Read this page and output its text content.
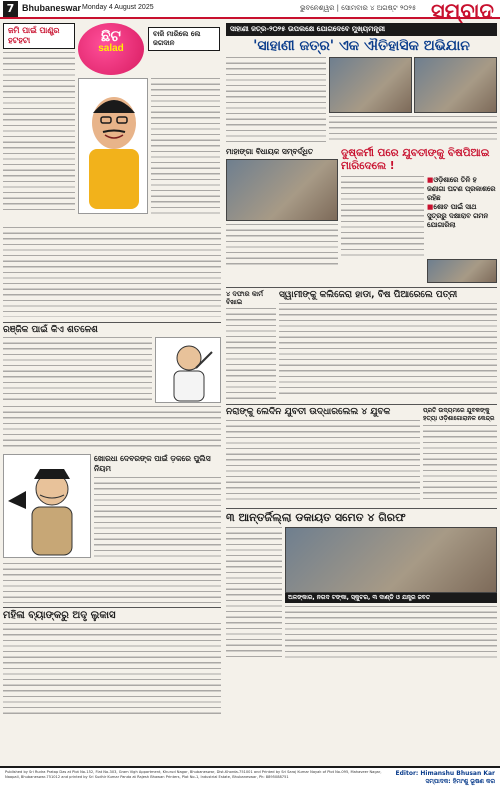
7 Bhubaneswar Monday 4 August 2025	ଭୁବନେଶ୍ୱର | ସୋମବାର ୪ ଅଗଷ୍ଟ ୨୦୨୫ ସମ୍ବାଦ
ଜମି ପାଇଁ ପାଣ୍ଡ୍ର ହଟହଟା	ଛିଟ
salad
ବାଜି ମାରିଲେ ଲେ ଜଗଦାନ
ରଞ୍ଜିକ ପାଇଁ କିଏ ଶତଳେଶ
ଖୋରଧା ଦେବରଙ୍କ ପାଇଁ ଡ଼କରେ ପୁଲିସ ନିୟମ
ମହିଳା ବ୍ୟାଙ୍କରୁ ଅଦୃ ଲୁକାସ
ସାହାଣୀ ଜତ୍ର-୨୦୨୫ ଉପଲକ୍ଷେ ଯୋଗଦେବେ ମୁଖ୍ୟମନ୍ତ୍ରୀ
'ସାହାଣୀ ଜତ୍ର' ଏକ ଐତିହାସିକ ଅଭିଯାନ
ମାହାଙ୍ଗା ବିଧାୟକ ସମ୍ବର୍ଦ୍ଧିତ	ଦୁଷ୍କର୍ମୀ ପରେ ଯୁବତୀଙ୍କୁ ବିଷପିଆଇ ମାରିଦେଲେ !
■ ଓଡ଼ିଶାରେ ତିନି ହ ଜଣାଗା ଘଟଣ ପ୍ରକାଶରେ ରହିଛ
■ ଶୋଚ ପାଇଁ ସାଥ ସୁତ୍ରରୁ ଦକ୍ଷାରାବ ଗମନ ଯୋଗାରିଲା
୪ ଦଫାର କାର୍ମ ବିଖାଇ
ସ୍ୱାମୀଙ୍କୁ କଲିଜେରା ହାଡା, ବିଷ ପିଆରେଲେ ପତ୍ନୀ
ନରାଙ୍କୁ ଲେଦିନ ଯୁବତୀ ଉଦ୍ଧାରଲେଲ ୪ ଯୁବକ	ପ୍ରତି ଉଦ୍ୟମରେ ଯୁବକଙ୍କୁ ହତ୍ୟା ଓଡ଼ିଶାଗୋରାନଳ କେନ୍ଦ୍ର
୩ ଆନ୍ତର୍ଜିଲ୍ଲା ଡକାୟତ ସମେତ ୪ ଗିରଫ
ଅଳଙ୍କାର, ନଗଦ ଟଙ୍କା, ସ୍କୁଟର, ୩ ଦାଣ୍ଡି ଓ ଯନ୍ତ୍ର ଜବତ
Published by Sri Rudra Pratap Das at Plot No-152, Flat No-303, Gram Vigh Appartment, Khurud Nagar, Bhubaneswar, Dist-Khorda-751001 and Printed by Sri Saroj Kumar Nayak of Plot No-095, Mahaveer Nagar, Naapali, Bhubaneswar-751012 and printed by Sri Sudhir Kumar Panda at Rajesh Bhawan Printers, Plot No-1, Industrial Estate, Bhubaneswar, Ph: 8895088751	Editor: Himanshu Bhusan Kar
ସମ୍ପାଦକ: ହିମାଂଶୁ ଭୂଷଣ କର
